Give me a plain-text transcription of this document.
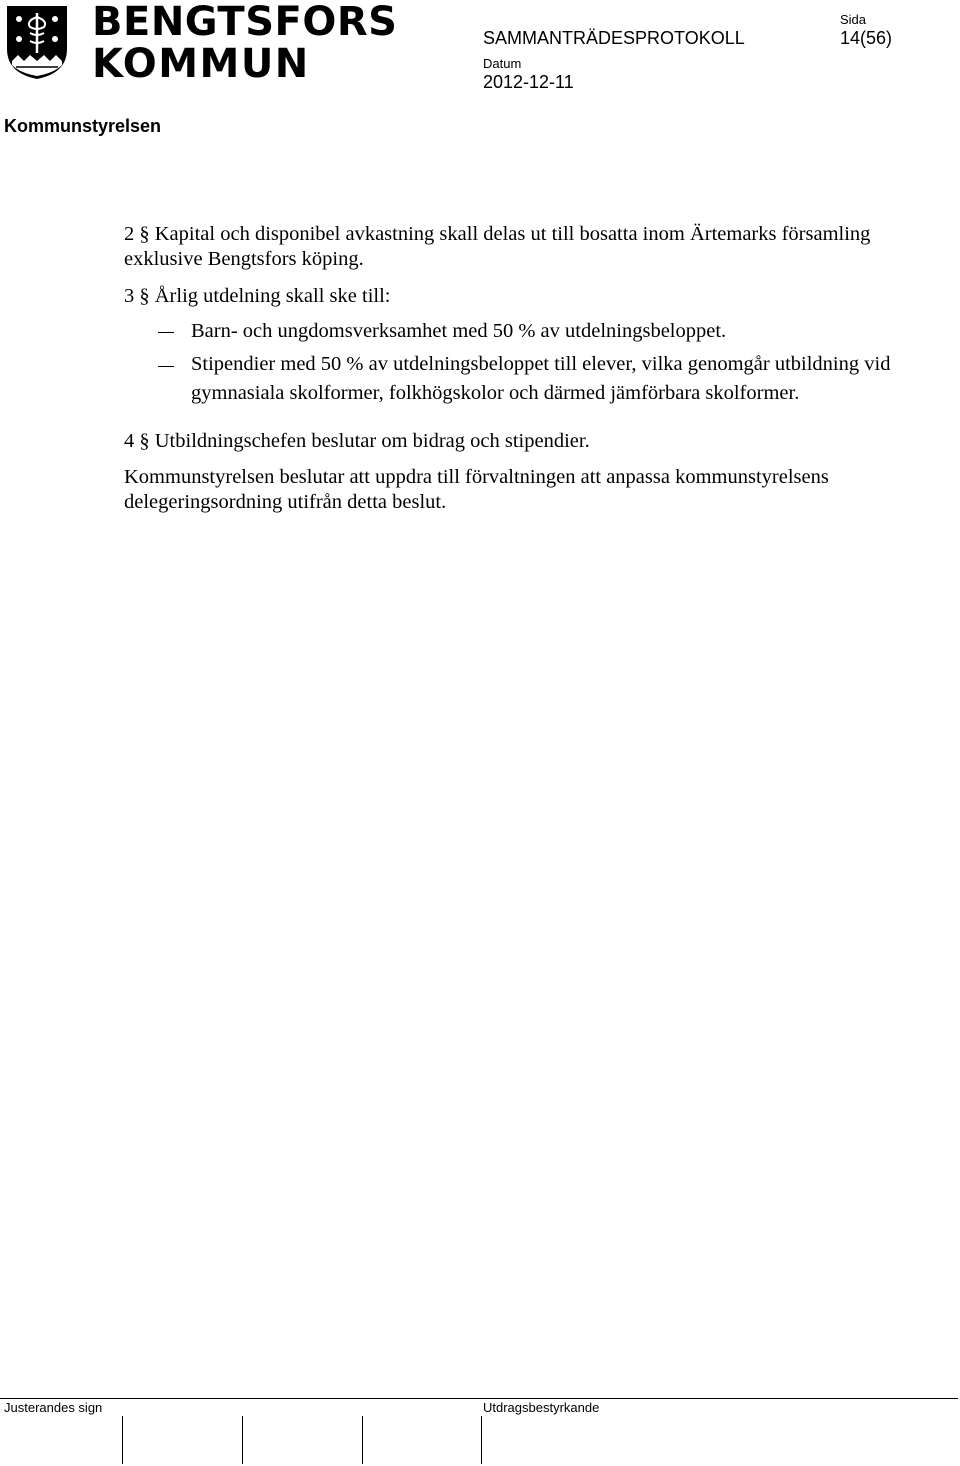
BENGTSFORS
KOMMUN
Sida
SAMMANTRÄDESPROTOKOLL	14(56)
Datum
2012-12-11
Kommunstyrelsen
2 § Kapital och disponibel avkastning skall delas ut till bosatta inom Ärtemarks församling exklusive Bengtsfors köping.
3 § Årlig utdelning skall ske till:
Barn- och ungdomsverksamhet med 50 % av utdelningsbeloppet.
Stipendier med 50 % av utdelningsbeloppet till elever, vilka genomgår utbildning vid gymnasiala skolformer, folkhögskolor och därmed jämförbara skolformer.
4 § Utbildningschefen beslutar om bidrag och stipendier.
Kommunstyrelsen beslutar att uppdra till förvaltningen att anpassa kommunstyrelsens delegeringsordning utifrån detta beslut.
Justerandes sign	Utdragsbestyrkande
